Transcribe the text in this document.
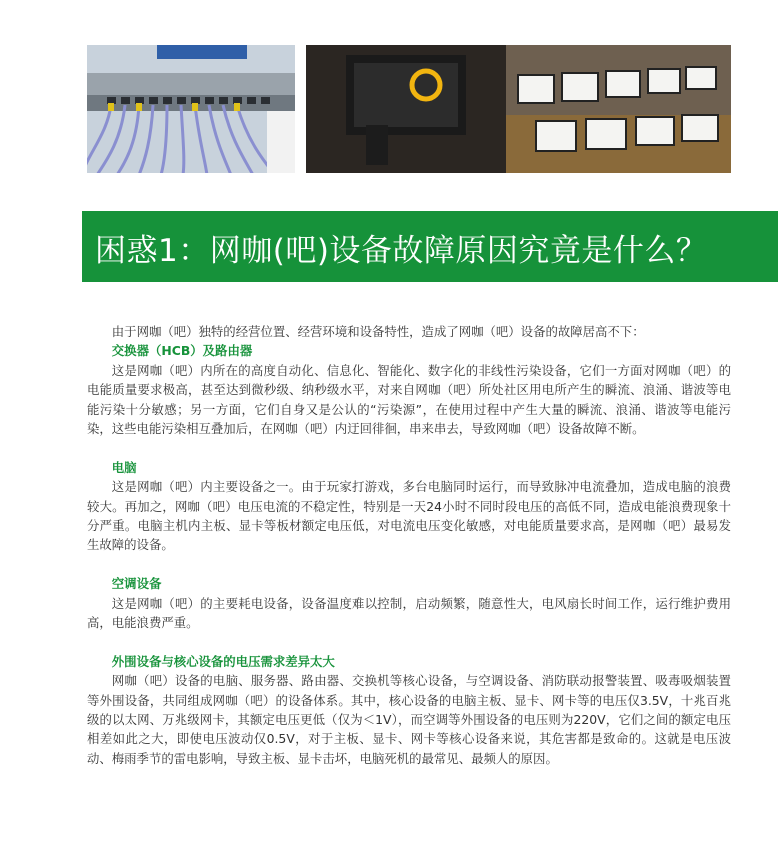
困惑1：网咖(吧)设备故障原因究竟是什么？

由于网咖（吧）独特的经营位置、经营环境和设备特性，造成了网咖（吧）设备的故障居高不下：

交换器（HCB）及路由器

这是网咖（吧）内所在的高度自动化、信息化、智能化、数字化的非线性污染设备，它们一方面对网咖（吧）的电能质量要求极高，甚至达到微秒级、纳秒级水平，对来自网咖（吧）所处社区用电所产生的瞬流、浪涌、谐波等电能污染十分敏感；另一方面，它们自身又是公认的“污染源”，在使用过程中产生大量的瞬流、浪涌、谐波等电能污染，这些电能污染相互叠加后，在网咖（吧）内迂回徘徊，串来串去，导致网咖（吧）设备故障不断。

电脑

这是网咖（吧）内主要设备之一。由于玩家打游戏，多台电脑同时运行，而导致脉冲电流叠加，造成电脑的浪费较大。再加之，网咖（吧）电压电流的不稳定性，特别是一天24小时不同时段电压的高低不同，造成电能浪费现象十分严重。电脑主机内主板、显卡等板材额定电压低，对电流电压变化敏感，对电能质量要求高，是网咖（吧）最易发生故障的设备。

空调设备

这是网咖（吧）的主要耗电设备，设备温度难以控制，启动频繁，随意性大，电风扇长时间工作，运行维护费用高，电能浪费严重。

外围设备与核心设备的电压需求差异太大

网咖（吧）设备的电脑、服务器、路由器、交换机等核心设备，与空调设备、消防联动报警装置、吸毒吸烟装置等外围设备，共同组成网咖（吧）的设备体系。其中，核心设备的电脑主板、显卡、网卡等的电压仅3.5V，十兆百兆级的以太网、万兆级网卡，其额定电压更低（仅为＜1V），而空调等外围设备的电压则为220V，它们之间的额定电压相差如此之大，即使电压波动仅0.5V，对于主板、显卡、网卡等核心设备来说，其危害都是致命的。这就是电压波动、梅雨季节的雷电影响，导致主板、显卡击坏，电脑死机的最常见、最频人的原因。
